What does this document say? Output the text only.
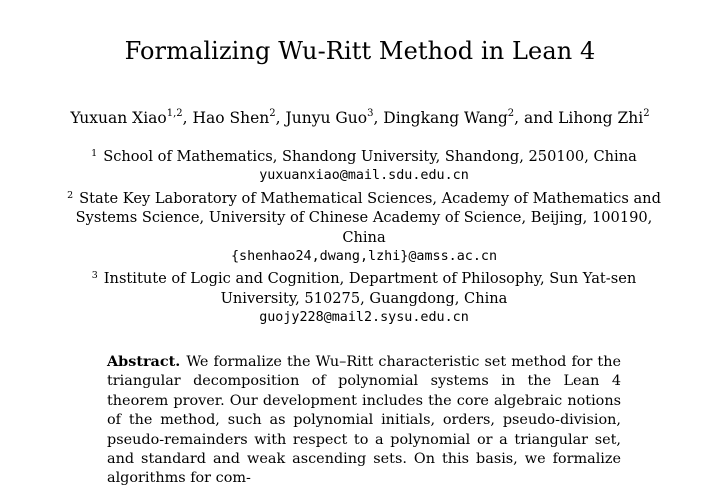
Formalizing Wu-Ritt Method in Lean 4
Yuxuan Xiao$^{1,2}$, Hao Shen$^2$, Junyu Guo$^3$, Dingkang Wang$^2$, and Lihong Zhi$^2$
$^1$ School of Mathematics, Shandong University, Shandong, 250100, China
yuxuanxiao@mail.sdu.edu.cn
$^2$ State Key Laboratory of Mathematical Sciences, Academy of Mathematics and
Systems Science, University of Chinese Academy of Science, Beijing, 100190, China
{shenhao24,dwang,lzhi}@amss.ac.cn
$^3$ Institute of Logic and Cognition, Department of Philosophy, Sun Yat-sen
University, 510275, Guangdong, China
guojy228@mail2.sysu.edu.cn
Abstract. We formalize the Wu–Ritt characteristic set method for the triangular decomposition of polynomial systems in the Lean 4 theorem prover. Our development includes the core algebraic notions of the method, such as polynomial initials, orders, pseudo-division, pseudo-remainders with respect to a polynomial or a triangular set, and standard and weak ascending sets. On this basis, we formalize algorithms for com-
